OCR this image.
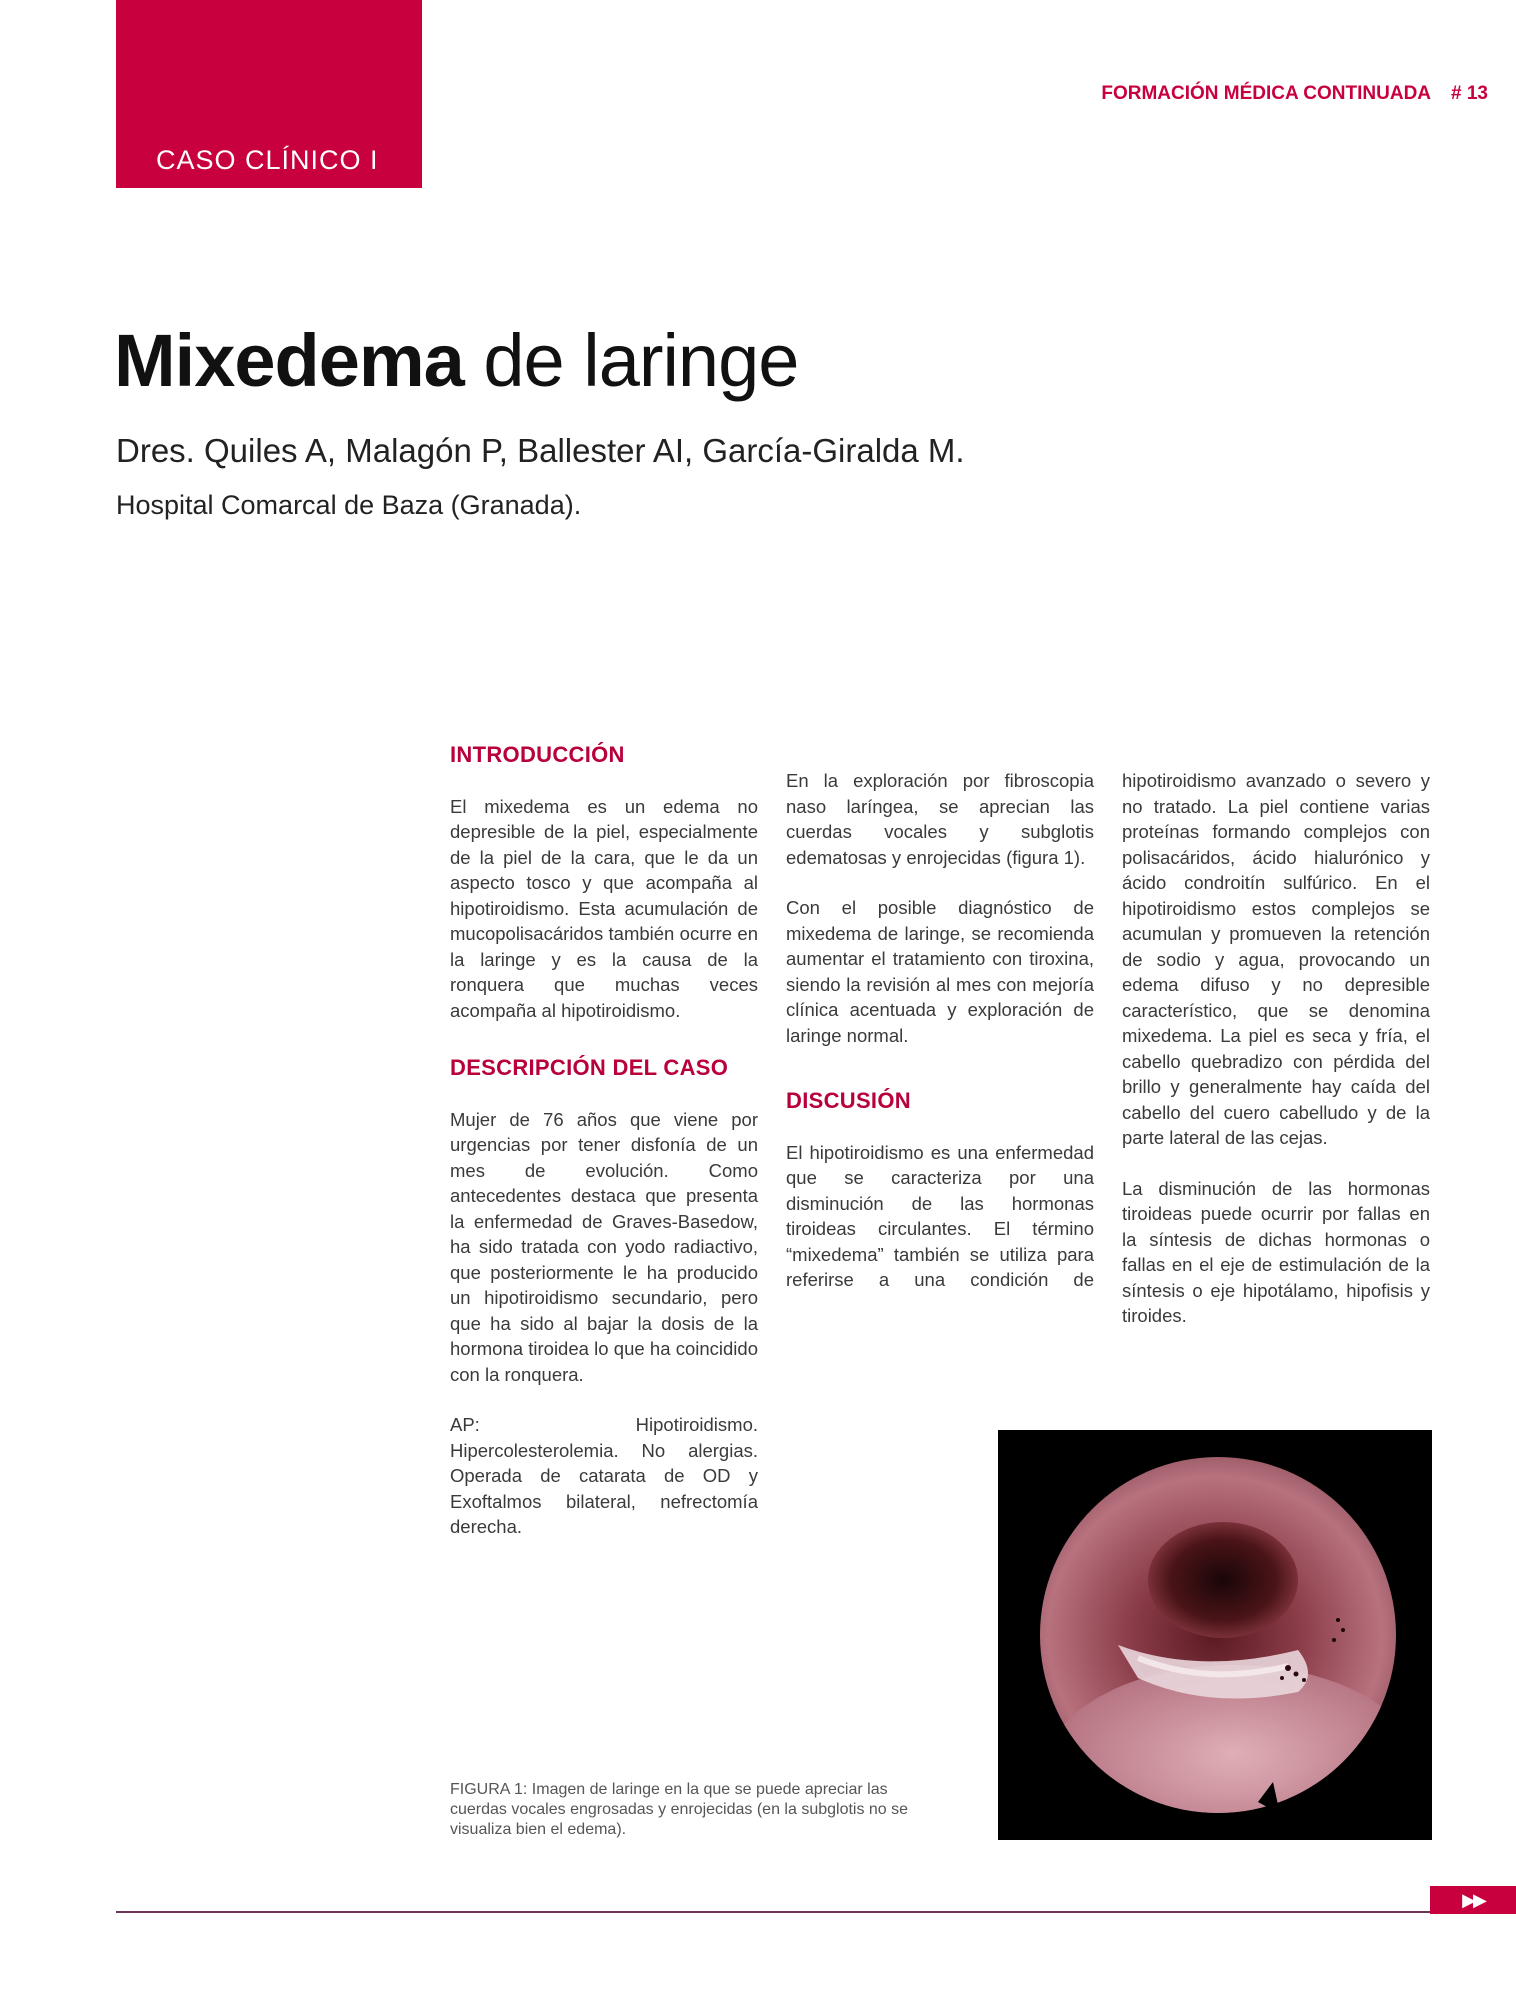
CASO CLÍNICO I
FORMACIÓN MÉDICA CONTINUADA # 13
Mixedema de laringe
Dres. Quiles A, Malagón P, Ballester AI, García-Giralda M.
Hospital Comarcal de Baza (Granada).
INTRODUCCIÓN

El mixedema es un edema no depresible de la piel, especialmente de la piel de la cara, que le da un aspecto tosco y que acompaña al hipotiroidismo. Esta acumulación de mucopolisacáridos también ocurre en la laringe y es la causa de la ronquera que muchas veces acompaña al hipotiroidismo.

DESCRIPCIÓN DEL CASO

Mujer de 76 años que viene por urgencias por tener disfonía de un mes de evolución. Como antecedentes destaca que presenta la enfermedad de Graves-Basedow, ha sido tratada con yodo radiactivo, que posteriormente le ha producido un hipotiroidismo secundario, pero que ha sido al bajar la dosis de la hormona tiroidea lo que ha coincidido con la ronquera.

AP: Hipotiroidismo. Hipercolesterolemia. No alergias. Operada de catarata de OD y Exoftalmos bilateral, nefrectomía derecha.

En la exploración por fibroscopia naso laríngea, se aprecian las cuerdas vocales y subglotis edematosas y enrojecidas (figura 1).

Con el posible diagnóstico de mixedema de laringe, se recomienda aumentar el tratamiento con tiroxina, siendo la revisión al mes con mejoría clínica acentuada y exploración de laringe normal.

DISCUSIÓN

El hipotiroidismo es una enfermedad que se caracteriza por una disminución de las hormonas tiroideas circulantes. El término “mixedema” también se utiliza para referirse a una condición de

hipotiroidismo avanzado o severo y no tratado. La piel contiene varias proteínas formando complejos con polisacáridos, ácido hialurónico y ácido condroitín sulfúrico. En el hipotiroidismo estos complejos se acumulan y promueven la retención de sodio y agua, provocando un edema difuso y no depresible característico, que se denomina mixedema. La piel es seca y fría, el cabello quebradizo con pérdida del brillo y generalmente hay caída del cabello del cuero cabelludo y de la parte lateral de las cejas.

La disminución de las hormonas tiroideas puede ocurrir por fallas en la síntesis de dichas hormonas o fallas en el eje de estimulación de la síntesis o eje hipotálamo, hipofisis y tiroides.

FIGURA 1: Imagen de laringe en la que se puede apreciar las cuerdas vocales engrosadas y enrojecidas (en la subglotis no se visualiza bien el edema).
▶▶
